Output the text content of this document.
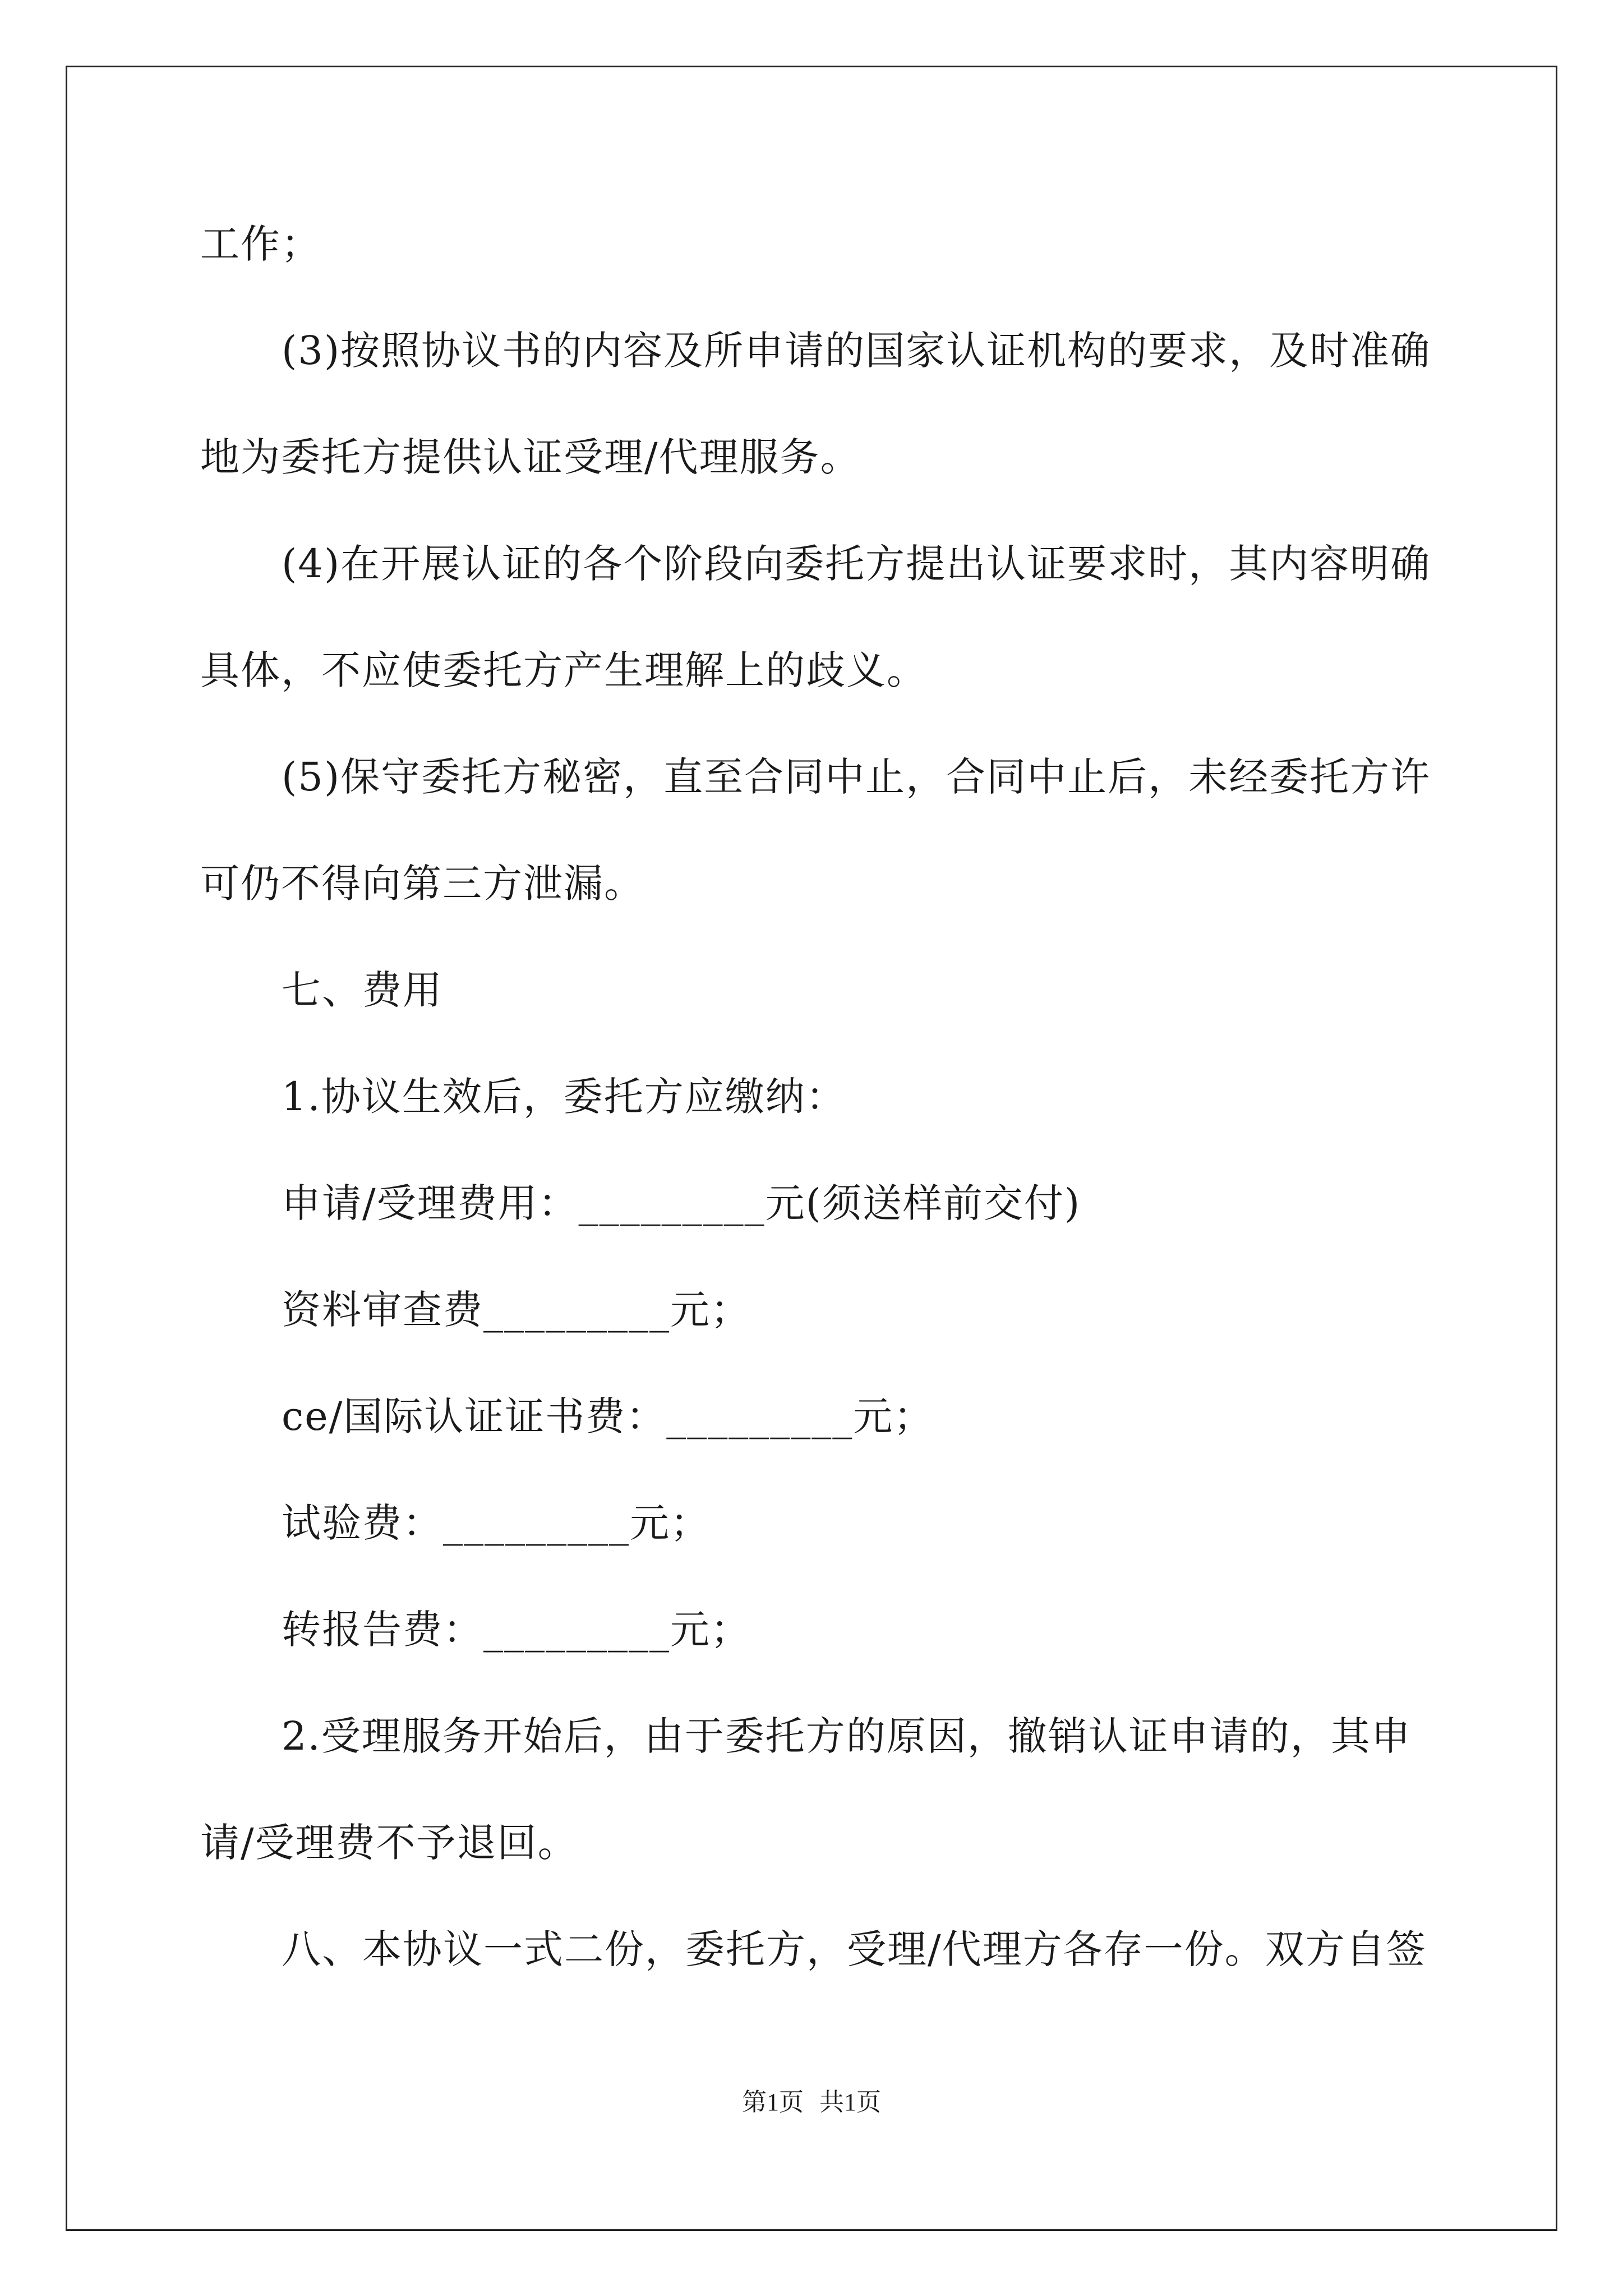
工作；
(3)按照协议书的内容及所申请的国家认证机构的要求，及时准确
地为委托方提供认证受理/代理服务。
(4)在开展认证的各个阶段向委托方提出认证要求时，其内容明确
具体，不应使委托方产生理解上的歧义。
(5)保守委托方秘密，直至合同中止，合同中止后，未经委托方许
可仍不得向第三方泄漏。
七、费用
1.协议生效后，委托方应缴纳：
申请/受理费用：_________元(须送样前交付)
资料审查费_________元；
ce/国际认证证书费：_________元；
试验费：_________元；
转报告费：_________元；
2.受理服务开始后，由于委托方的原因，撤销认证申请的，其申
请/受理费不予退回。
八、本协议一式二份，委托方，受理/代理方各存一份。双方自签
第1页 共1页
